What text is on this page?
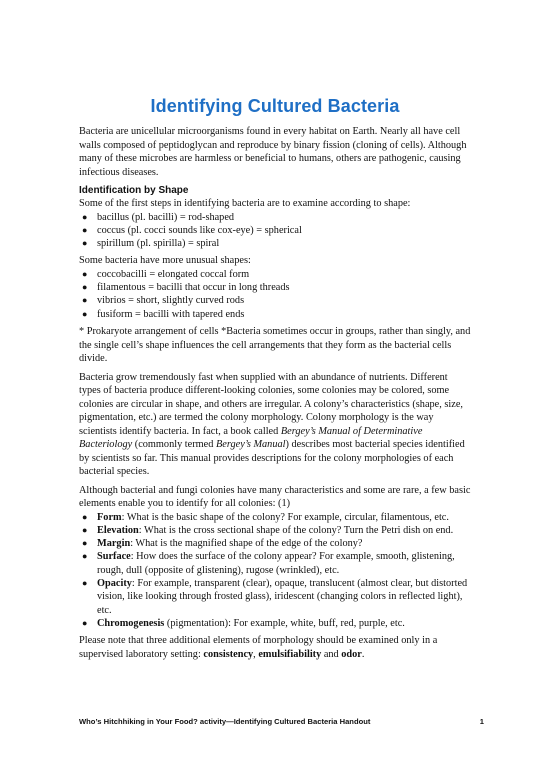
Identifying Cultured Bacteria

Bacteria are unicellular microorganisms found in every habitat on Earth. Nearly all have cell walls composed of peptidoglycan and reproduce by binary fission (cloning of cells). Although many of these microbes are harmless or beneficial to humans, others are pathogenic, causing infectious diseases.

Identification by Shape

Some of the first steps in identifying bacteria are to examine according to shape:

● bacillus (pl. bacilli) = rod-shaped
● coccus (pl. cocci sounds like cox-eye) = spherical
● spirillum (pl. spirilla) = spiral

Some bacteria have more unusual shapes:

● coccobacilli = elongated coccal form
● filamentous = bacilli that occur in long threads
● vibrios = short, slightly curved rods
● fusiform = bacilli with tapered ends

* Prokaryote arrangement of cells *Bacteria sometimes occur in groups, rather than singly, and the single cell’s shape influences the cell arrangements that they form as the bacterial cells divide.

Bacteria grow tremendously fast when supplied with an abundance of nutrients. Different types of bacteria produce different-looking colonies, some colonies may be colored, some colonies are circular in shape, and others are irregular. A colony’s characteristics (shape, size, pigmentation, etc.) are termed the colony morphology. Colony morphology is the way scientists identify bacteria. In fact, a book called Bergey’s Manual of Determinative Bacteriology (commonly termed Bergey’s Manual) describes most bacterial species identified by scientists so far. This manual provides descriptions for the colony morphologies of each bacterial species.

Although bacterial and fungi colonies have many characteristics and some are rare, a few basic elements enable you to identify for all colonies: (1)

● Form: What is the basic shape of the colony? For example, circular, filamentous, etc.
● Elevation: What is the cross sectional shape of the colony? Turn the Petri dish on end.
● Margin: What is the magnified shape of the edge of the colony?
● Surface: How does the surface of the colony appear? For example, smooth, glistening, rough, dull (opposite of glistening), rugose (wrinkled), etc.
● Opacity: For example, transparent (clear), opaque, translucent (almost clear, but distorted vision, like looking through frosted glass), iridescent (changing colors in reflected light), etc.
● Chromogenesis (pigmentation): For example, white, buff, red, purple, etc.

Please note that three additional elements of morphology should be examined only in a supervised laboratory setting: consistency, emulsifiability and odor.

Who’s Hitchhiking in Your Food? activity—Identifying Cultured Bacteria Handout	1
